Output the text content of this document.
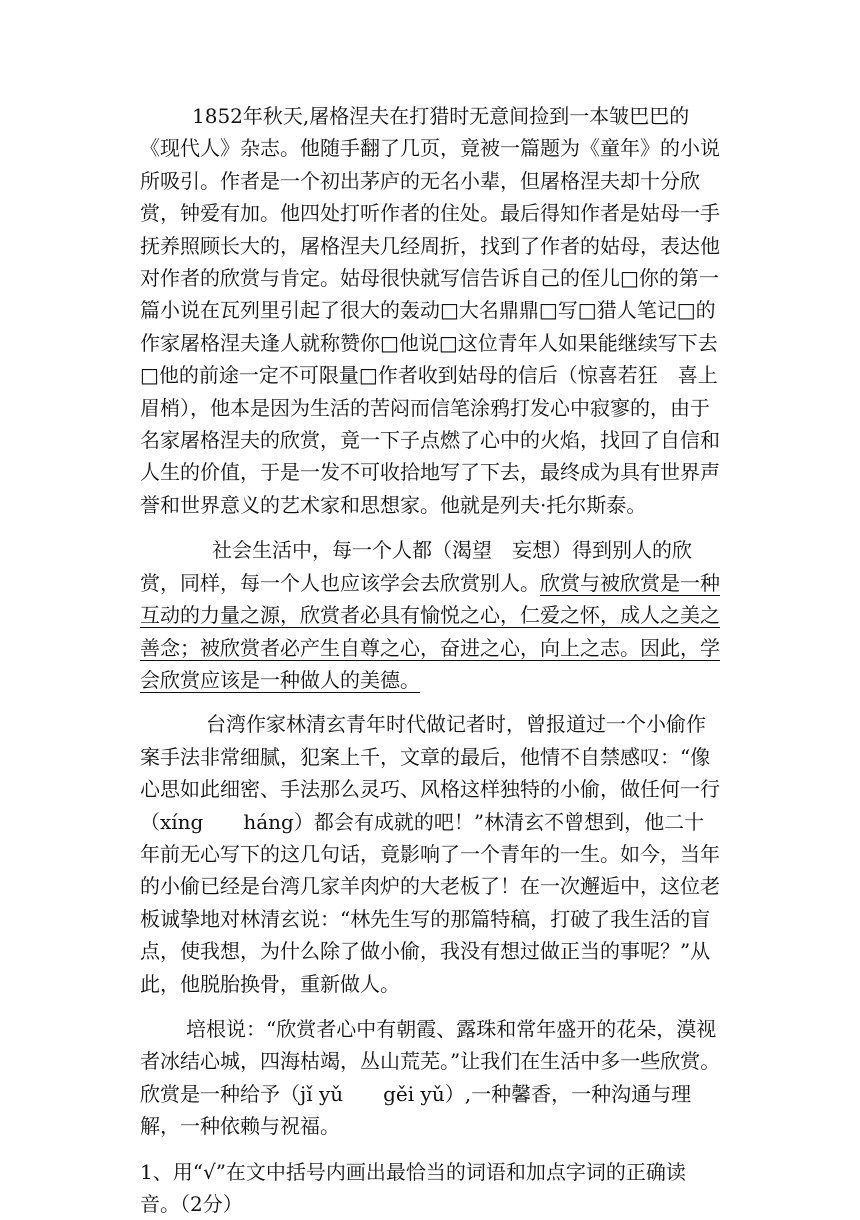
1852年秋天,屠格涅夫在打猎时无意间捡到一本皱巴巴的《现代人》杂志。他随手翻了几页，竟被一篇题为《童年》的小说所吸引。作者是一个初出茅庐的无名小辈，但屠格涅夫却十分欣赏，钟爱有加。他四处打听作者的住处。最后得知作者是姑母一手抚养照顾长大的，屠格涅夫几经周折，找到了作者的姑母，表达他对作者的欣赏与肯定。姑母很快就写信告诉自己的侄儿□你的第一篇小说在瓦列里引起了很大的轰动□大名鼎鼎□写□猎人笔记□的作家屠格涅夫逢人就称赞你□他说□这位青年人如果能继续写下去□他的前途一定不可限量□作者收到姑母的信后（惊喜若狂　喜上眉梢），他本是因为生活的苦闷而信笔涂鸦打发心中寂寥的，由于名家屠格涅夫的欣赏，竟一下子点燃了心中的火焰，找回了自信和人生的价值，于是一发不可收拾地写了下去，最终成为具有世界声誉和世界意义的艺术家和思想家。他就是列夫·托尔斯泰。

社会生活中，每一个人都（渴望　妄想）得到别人的欣赏，同样，每一个人也应该学会去欣赏别人。欣赏与被欣赏是一种互动的力量之源，欣赏者必具有愉悦之心，仁爱之怀，成人之美之善念；被欣赏者必产生自尊之心，奋进之心，向上之志。因此，学会欣赏应该是一种做人的美德。

台湾作家林清玄青年时代做记者时，曾报道过一个小偷作案手法非常细腻，犯案上千，文章的最后，他情不自禁感叹：“像心思如此细密、手法那么灵巧、风格这样独特的小偷，做任何一行（xíng　　háng）都会有成就的吧！”林清玄不曾想到，他二十年前无心写下的这几句话，竟影响了一个青年的一生。如今，当年的小偷已经是台湾几家羊肉炉的大老板了！在一次邂逅中，这位老板诚挚地对林清玄说：“林先生写的那篇特稿，打破了我生活的盲点，使我想，为什么除了做小偷，我没有想过做正当的事呢？”从此，他脱胎换骨，重新做人。

培根说：“欣赏者心中有朝霞、露珠和常年盛开的花朵，漠视者冰结心城，四海枯竭，丛山荒芜。”让我们在生活中多一些欣赏。欣赏是一种给予（jǐ yǔ　　gěi yǔ）,一种馨香，一种沟通与理解，一种依赖与祝福。

1、用“√”在文中括号内画出最恰当的词语和加点字词的正确读音。（2分）
